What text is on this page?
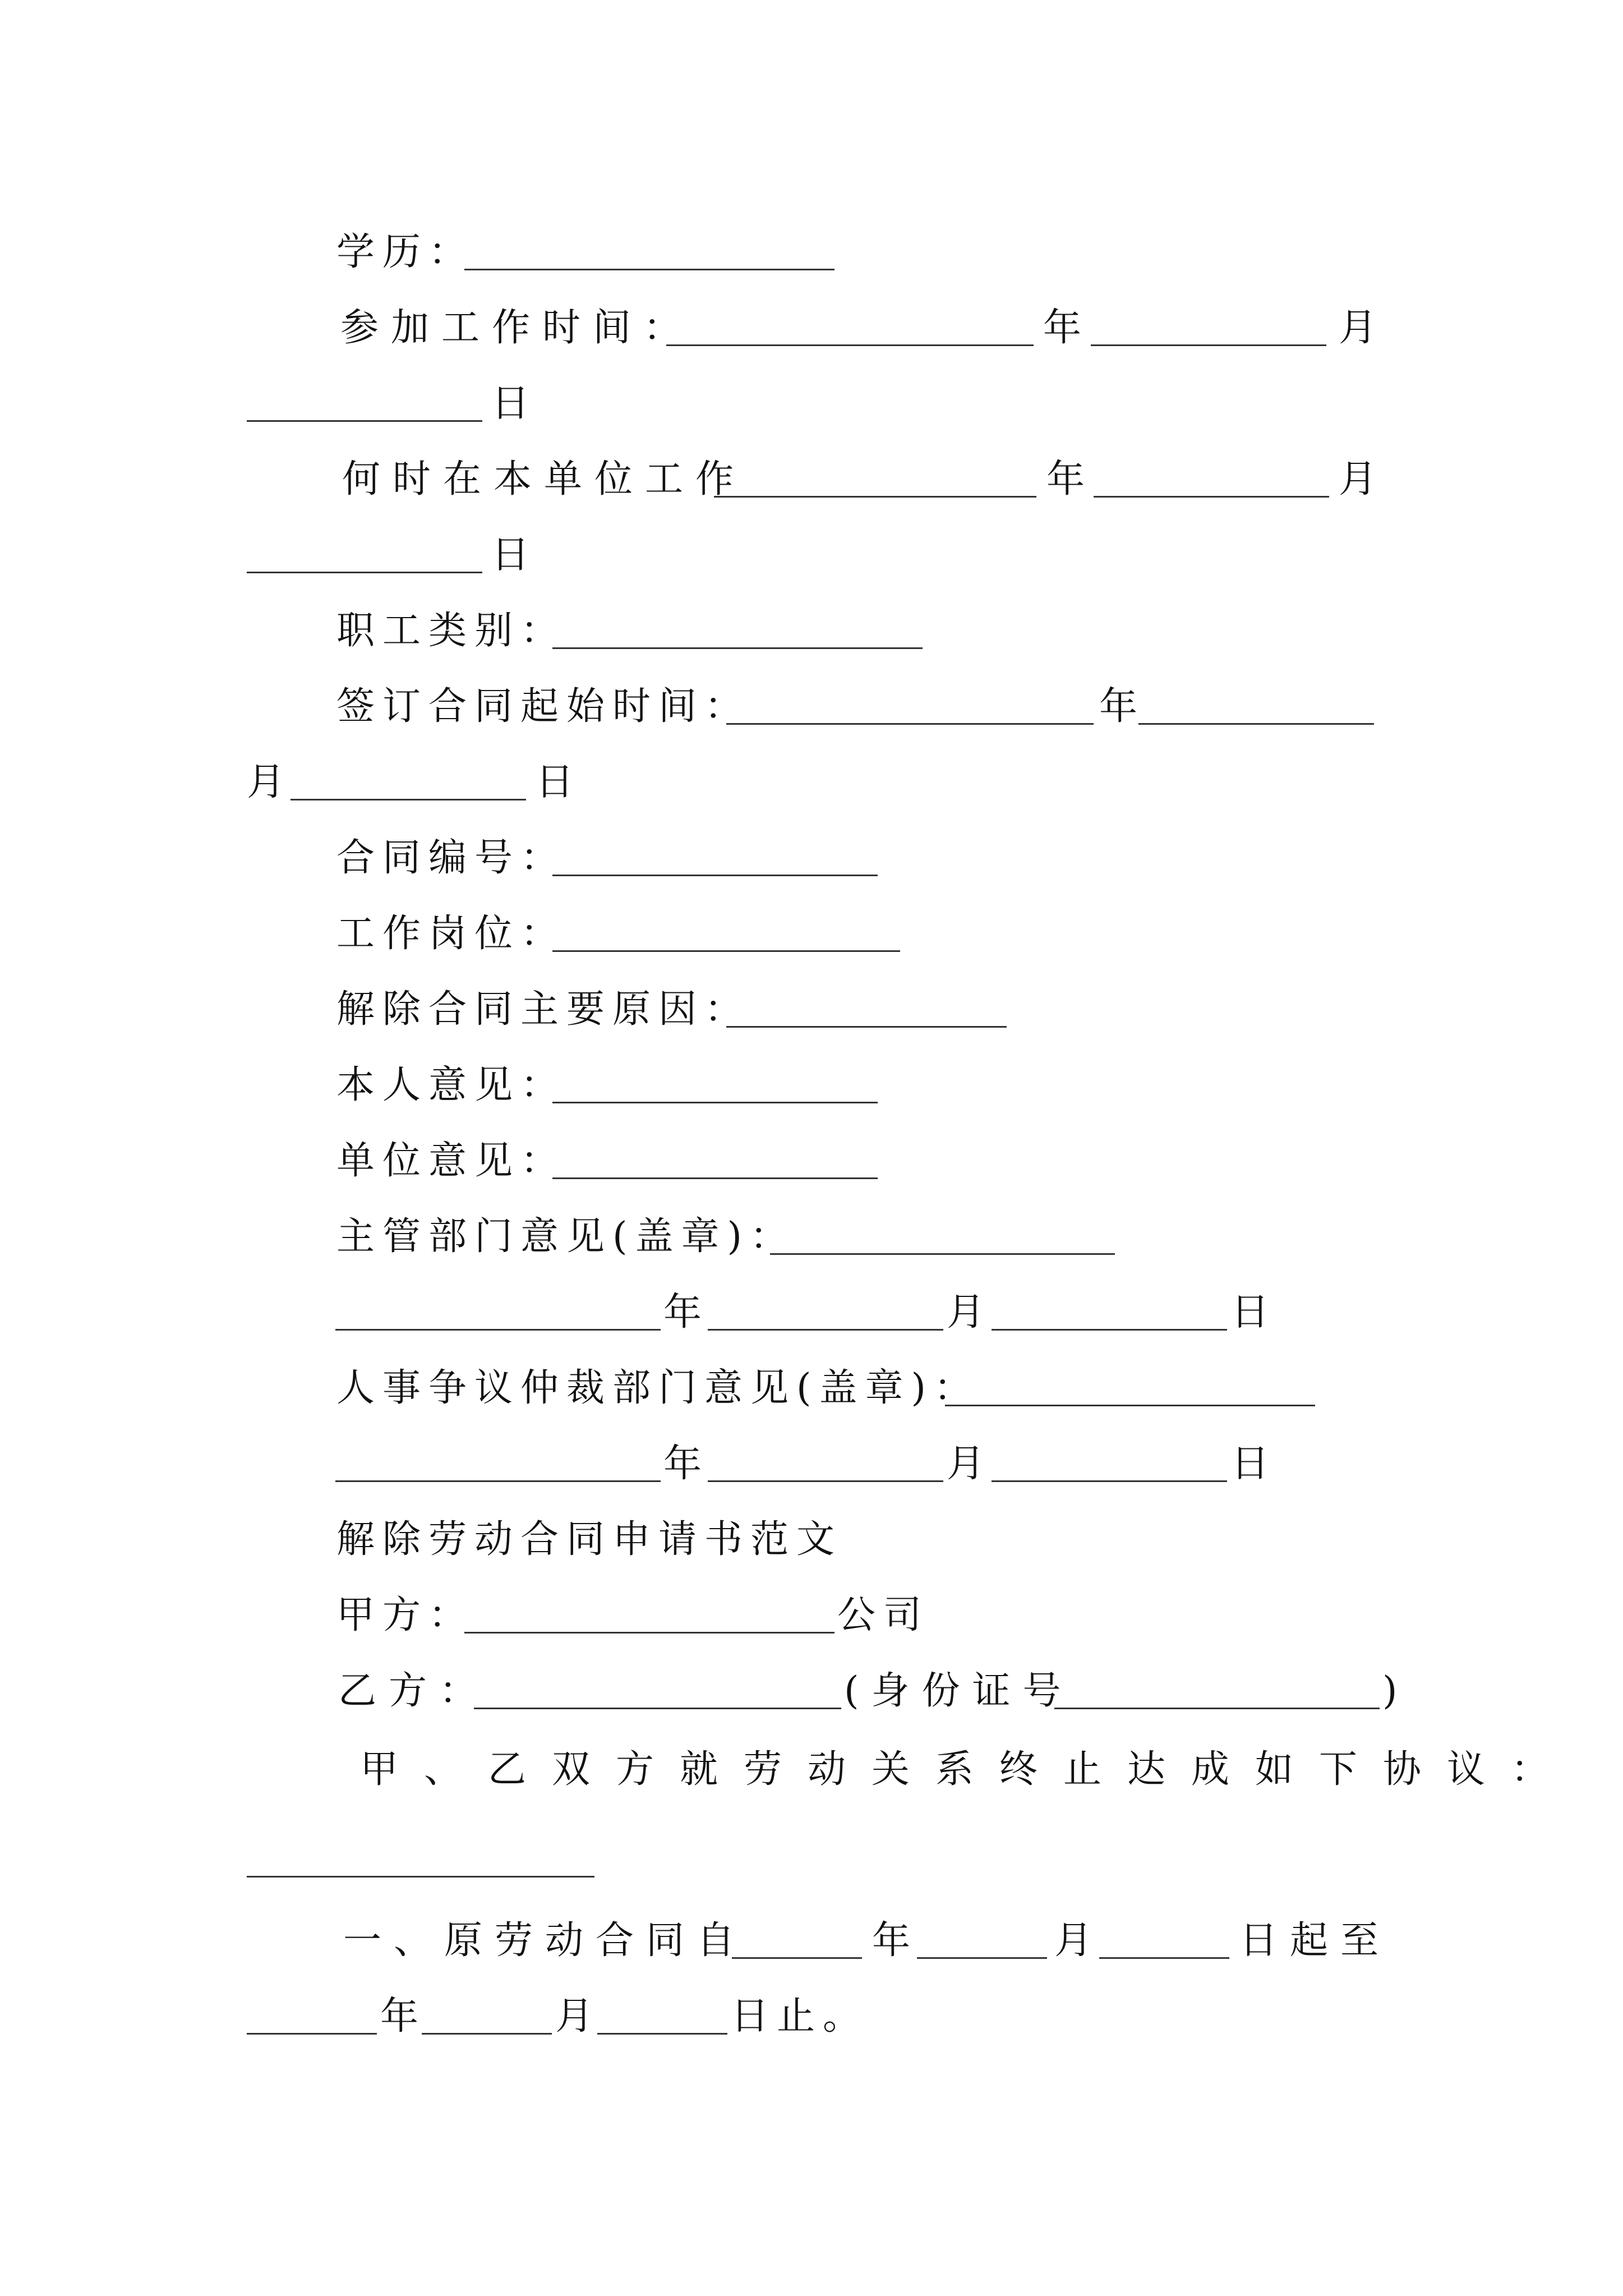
学历：
参加工作时间：	年	月
日
何时在本单位工作	年	月
日
职工类别：
签订合同起始时间：	年
月	日
合同编号：
工作岗位：
解除合同主要原因：
本人意见：
单位意见：
主管部门意见(盖章)：
年	月	日
人事争议仲裁部门意见(盖章)：
年	月	日
解除劳动合同申请书范文
甲方：	公司
乙方：	(身份证号	)
甲、乙双方就劳动关系终止达成如下协议：
一、原劳动合同自	年	月	日起至
年	月	日止。
